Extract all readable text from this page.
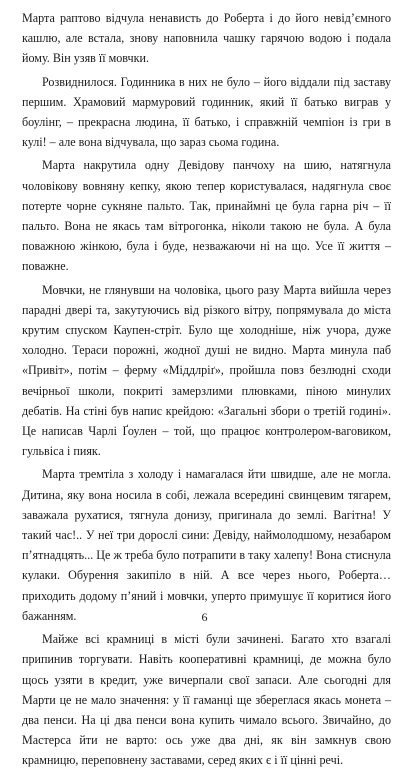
Марта раптово відчула ненависть до Роберта і до його невідʼємного кашлю, але встала, знову наповнила чашку гарячою водою і подала йому. Він узяв її мовчки.

Розвиднилося. Годинника в них не було – його віддали під заставу першим. Храмовий мармуровий годинник, який її батько виграв у боулінг, – прекрасна людина, її батько, і справжній чемпіон із гри в кулі! – але вона відчувала, що зараз сьома година.

Марта накрутила одну Девідову панчоху на шию, натягнула чоловікову вовняну кепку, якою тепер користувалася, надягнула своє потерте чорне сукняне пальто. Так, принаймні це була гарна річ – її пальто. Вона не якась там вітрогонка, ніколи такою не була. А була поважною жінкою, була і буде, незважаючи ні на що. Усе її життя – поважне.

Мовчки, не глянувши на чоловіка, цього разу Марта вийшла через парадні двері та, закутуючись від різкого вітру, попрямувала до міста крутим спуском Каупен-стріт. Було ще холодніше, ніж учора, дуже холодно. Тераси порожні, жодної душі не видно. Марта минула паб «Привіт», потім – ферму «Міддлріґ», пройшла повз безлюдні сходи вечірньої школи, покриті замерзлими плювками, піною минулих дебатів. На стіні був напис крейдою: «Загальні збори о третій годині». Це написав Чарлі Ґоулен – той, що працює контролером-ваговиком, гульвіса і пияк.

Марта тремтіла з холоду і намагалася йти швидше, але не могла. Дитина, яку вона носила в собі, лежала всередині свинцевим тягарем, заважала рухатися, тягнула донизу, пригинала до землі. Вагітна! У такий час!.. У неї три дорослі сини: Девіду, наймолодшому, незабаром пʼятнадцять... Це ж треба було потрапити в таку халепу! Вона стиснула кулаки. Обурення закипіло в ній. А все через нього, Роберта… приходить додому пʼяний і мовчки, уперто примушує її коритися його бажанням.

Майже всі крамниці в місті були зачинені. Багато хто взагалі припинив торгувати. Навіть кооперативні крамниці, де можна було щось узяти в кредит, уже вичерпали свої запаси. Але сьогодні для Марти це не мало значення: у її гаманці ще збереглася якась монета – два пенси. На ці два пенси вона купить чимало всього. Звичайно, до Мастерса йти не варто: ось уже два дні, як він замкнув свою крамницю, переповнену заставами, серед яких є і її цінні речі.

6
